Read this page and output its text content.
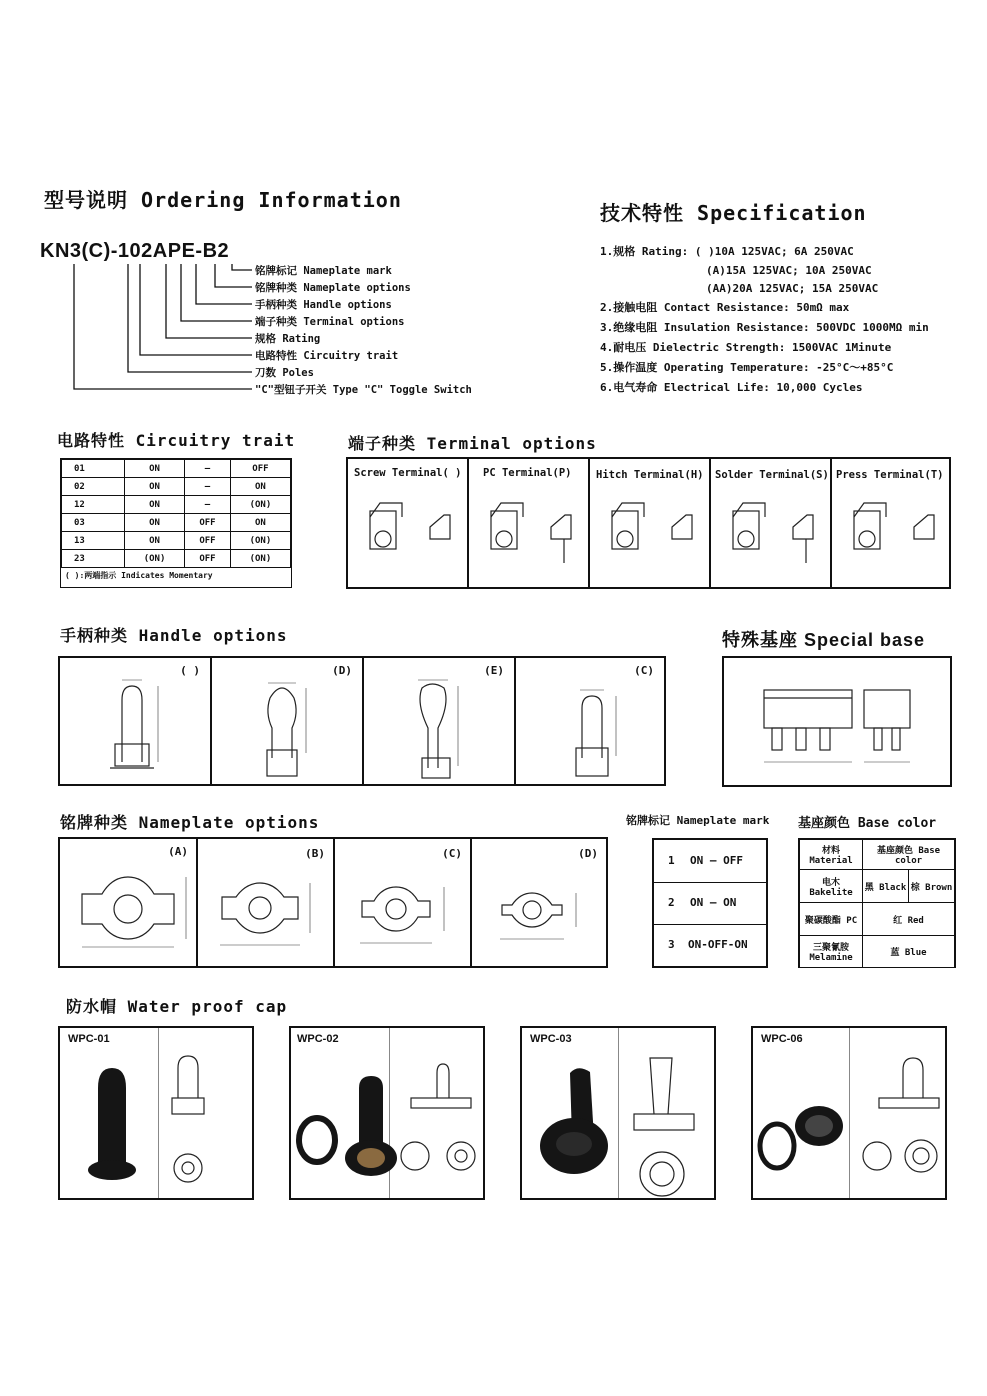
型号说明 Ordering Information
KN3(C)-102APE-B2
铭牌标记 Nameplate mark
铭牌种类 Nameplate options
手柄种类 Handle options
端子种类 Terminal options
规格 Rating
电路特性 Circuitry trait
刀数 Poles
"C"型钮子开关 Type "C" Toggle Switch
技术特性 Specification
1.规格 Rating: ( )10A 125VAC; 6A 250VAC
(A)15A 125VAC; 10A 250VAC
(AA)20A 125VAC; 15A 250VAC
2.接触电阻 Contact Resistance: 50mΩ max
3.绝缘电阻 Insulation Resistance: 500VDC 1000MΩ min
4.耐电压 Dielectric Strength: 1500VAC 1Minute
5.操作温度 Operating Temperature: -25°C～+85°C
6.电气寿命 Electrical Life: 10,000 Cycles
电路特性 Circuitry trait
01	ON	—	OFF
02	ON	—	ON
12	ON	—	(ON)
03	ON	OFF	ON
13	ON	OFF	(ON)
23	(ON)	OFF	(ON)
( ):两端指示 Indicates Momentary
端子种类 Terminal options
Screw Terminal( ) PC Terminal(P) Hitch Terminal(H) Solder Terminal(S) Press Terminal(T)
手柄种类 Handle options
( )	(D)	(E)	(C)
特殊基座 Special base
铭牌种类 Nameplate options
(A)	(B)	(C)	(D)
铭牌标记 Nameplate mark
1 ON — OFF
2 ON — ON
3 ON-OFF-ON
基座颜色 Base color
材料 Material	基座颜色 Base color	
电木 Bakelite	黑 Black	棕 Brown
聚碳酸酯 PC	红 Red	
三聚氰胺 Melamine	蓝 Blue	
防水帽 Water proof cap
WPC-01	WPC-02	WPC-03	WPC-06
